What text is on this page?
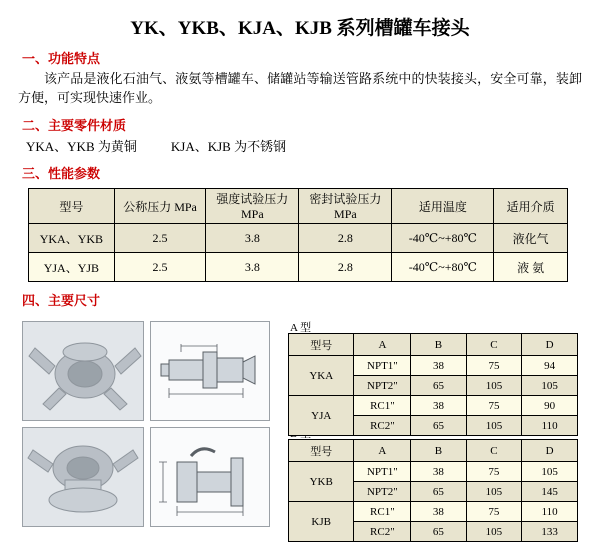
YK、YKB、KJA、KJB 系列槽罐车接头
一、功能特点
该产品是液化石油气、液氨等槽罐车、储罐站等输送管路系统中的快装接头，安全可靠，装卸方便，可实现快速作业。
二、主要零件材质
YKA、YKB 为黄铜	KJA、KJB 为不锈钢
三、性能参数
型号	公称压力 MPa	强度试验压力 MPa	密封试验压力 MPa	适用温度	适用介质
YKA、YKB	2.5	3.8	2.8	-40℃~+80℃	液化气
YJA、YJB	2.5	3.8	2.8	-40℃~+80℃	液 氨
四、主要尺寸
A 型
型号	A	B	C	D
YKA	NPT1"	38	75	94
	NPT2"	65	105	105
YJA	RC1"	38	75	90
	RC2"	65	105	110
型号	A	B	C	D
YKB	NPT1"	38	75	105
	NPT2"	65	105	145
KJB	RC1"	38	75	110
	RC2"	65	105	133
